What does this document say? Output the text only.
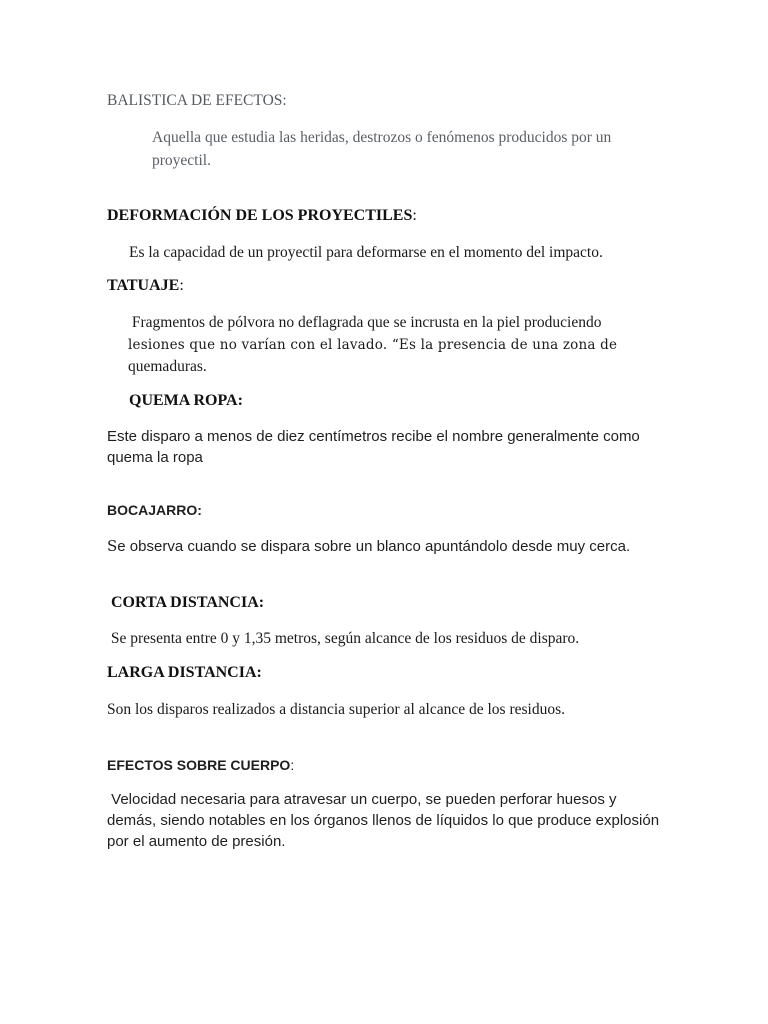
BALISTICA DE EFECTOS:
Aquella que estudia las heridas, destrozos o fenómenos producidos por un
proyectil.
DEFORMACIÓN DE LOS PROYECTILES:
Es la capacidad de un proyectil para deformarse en el momento del impacto.
TATUAJE:
Fragmentos de pólvora no deflagrada que se incrusta en la piel produciendo
lesiones que no varían con el lavado. “Es la presencia de una zona de
quemaduras.
QUEMA ROPA:
Este disparo a menos de diez centímetros recibe el nombre generalmente como
quema la ropa
BOCAJARRO:
Se observa cuando se dispara sobre un blanco apuntándolo desde muy cerca.
CORTA DISTANCIA:
Se presenta entre 0 y 1,35 metros, según alcance de los residuos de disparo.
LARGA DISTANCIA:
Son los disparos realizados a distancia superior al alcance de los residuos.
EFECTOS SOBRE CUERPO:
Velocidad necesaria para atravesar un cuerpo, se pueden perforar huesos y
demás, siendo notables en los órganos llenos de líquidos lo que produce explosión
por el aumento de presión.
